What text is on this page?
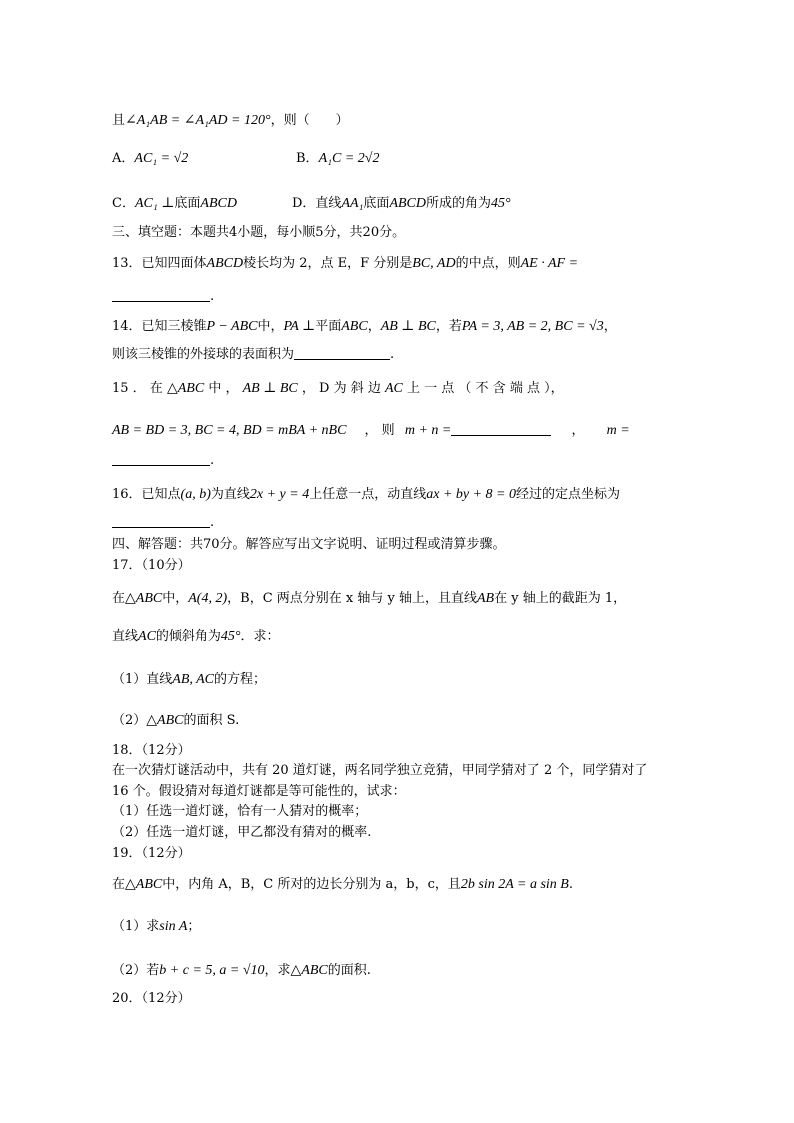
且∠A₁AB = ∠A₁AD = 120°，则（　　）
A．AC₁ = √2	B．A₁C = 2√2
C．AC₁ ⊥底面ABCD	D．直线AA₁底面ABCD所成的角为45°
三、填空题：本题共4小题，每小顺5分，共20分。
13．已知四面体ABCD棱长均为 2，点 E，F 分别是BC, AD的中点，则AE · AF =
.
14．已知三棱锥P − ABC中，PA ⊥平面ABC，AB ⊥ BC，若PA = 3, AB = 2, BC = √3，
则该三棱锥的外接球的表面积为	.
15 ． 在 △ABC 中 ， AB ⊥ BC ， D 为 斜 边 AC 上 一 点 （ 不 含 端 点 ），
AB = BD = 3, BC = 4, BD = mBA + nBC ， 则 m + n =	， m =
.
16．已知点(a, b)为直线2x + y = 4上任意一点，动直线ax + by + 8 = 0经过的定点坐标为
.
四、解答题：共70分。解答应写出文字说明、证明过程或清算步骤。
17．（10分）
在△ABC中，A(4, 2)，B，C 两点分别在 x 轴与 y 轴上，且直线AB在 y 轴上的截距为 1，
直线AC的倾斜角为45°．求：
（1）直线AB, AC的方程；
（2）△ABC的面积 S.
18．（12分）
在一次猜灯谜活动中，共有 20 道灯谜，两名同学独立竞猜，甲同学猜对了 2 个，同学猜对了
16 个。假设猜对每道灯谜都是等可能性的，试求：
（1）任选一道灯谜，恰有一人猜对的概率；
（2）任选一道灯谜，甲乙都没有猜对的概率.
19．（12分）
在△ABC中，内角 A，B，C 所对的边长分别为 a，b，c，且2b sin 2A = a sin B.
（1）求sin A；
（2）若b + c = 5, a = √10，求△ABC的面积.
20．（12分）
